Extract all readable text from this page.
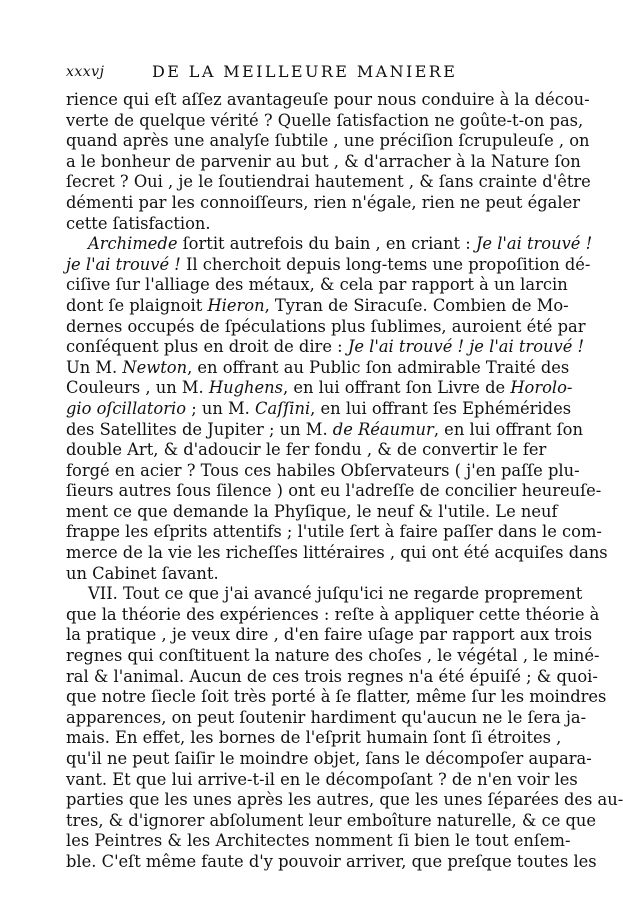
xxxvj	DE LA MEILLEURE MANIERE
rience qui eſt aſſez avantageuſe pour nous conduire à la décou-
verte de quelque vérité ? Quelle ſatisfaction ne goûte-t-on pas,
quand après une analyſe ſubtile , une préciſion ſcrupuleuſe , on
a le bonheur de parvenir au but , & d'arracher à la Nature ſon
ſecret ? Oui , je le ſoutiendrai hautement , & ſans crainte d'être
démenti par les connoiſſeurs, rien n'égale, rien ne peut égaler
cette ſatisfaction.
Archimede ſortit autrefois du bain , en criant : Je l'ai trouvé !
je l'ai trouvé ! Il cherchoit depuis long-tems une propoſition dé-
ciſive ſur l'alliage des métaux, & cela par rapport à un larcin
dont ſe plaignoit Hieron, Tyran de Siracuſe. Combien de Mo-
dernes occupés de ſpéculations plus ſublimes, auroient été par
conſéquent plus en droit de dire : Je l'ai trouvé ! je l'ai trouvé !
Un M. Newton, en offrant au Public ſon admirable Traité des
Couleurs , un M. Hughens, en lui offrant ſon Livre de Horolo-
gio oſcillatorio ; un M. Caſſini, en lui offrant ſes Ephémérides
des Satellites de Jupiter ; un M. de Réaumur, en lui offrant ſon
double Art, & d'adoucir le fer fondu , & de convertir le fer
forgé en acier ? Tous ces habiles Obſervateurs ( j'en paſſe plu-
ſieurs autres ſous ſilence ) ont eu l'adreſſe de concilier heureuſe-
ment ce que demande la Phyſique, le neuf & l'utile. Le neuf
frappe les eſprits attentifs ; l'utile ſert à faire paſſer dans le com-
merce de la vie les richeſſes littéraires , qui ont été acquiſes dans
un Cabinet ſavant.
VII. Tout ce que j'ai avancé juſqu'ici ne regarde proprement
que la théorie des expériences : reſte à appliquer cette théorie à
la pratique , je veux dire , d'en faire uſage par rapport aux trois
regnes qui conſtituent la nature des choſes , le végétal , le miné-
ral & l'animal. Aucun de ces trois regnes n'a été épuiſé ; & quoi-
que notre ſiecle ſoit très porté à ſe flatter, même ſur les moindres
apparences, on peut ſoutenir hardiment qu'aucun ne le ſera ja-
mais. En effet, les bornes de l'eſprit humain ſont ſi étroites ,
qu'il ne peut ſaiſir le moindre objet, ſans le décompoſer aupara-
vant. Et que lui arrive-t-il en le décompoſant ? de n'en voir les
parties que les unes après les autres, que les unes ſéparées des au-
tres, & d'ignorer abſolument leur emboîture naturelle, & ce que
les Peintres & les Architectes nomment ſi bien le tout enſem-
ble. C'eſt même faute d'y pouvoir arriver, que preſque toutes les
